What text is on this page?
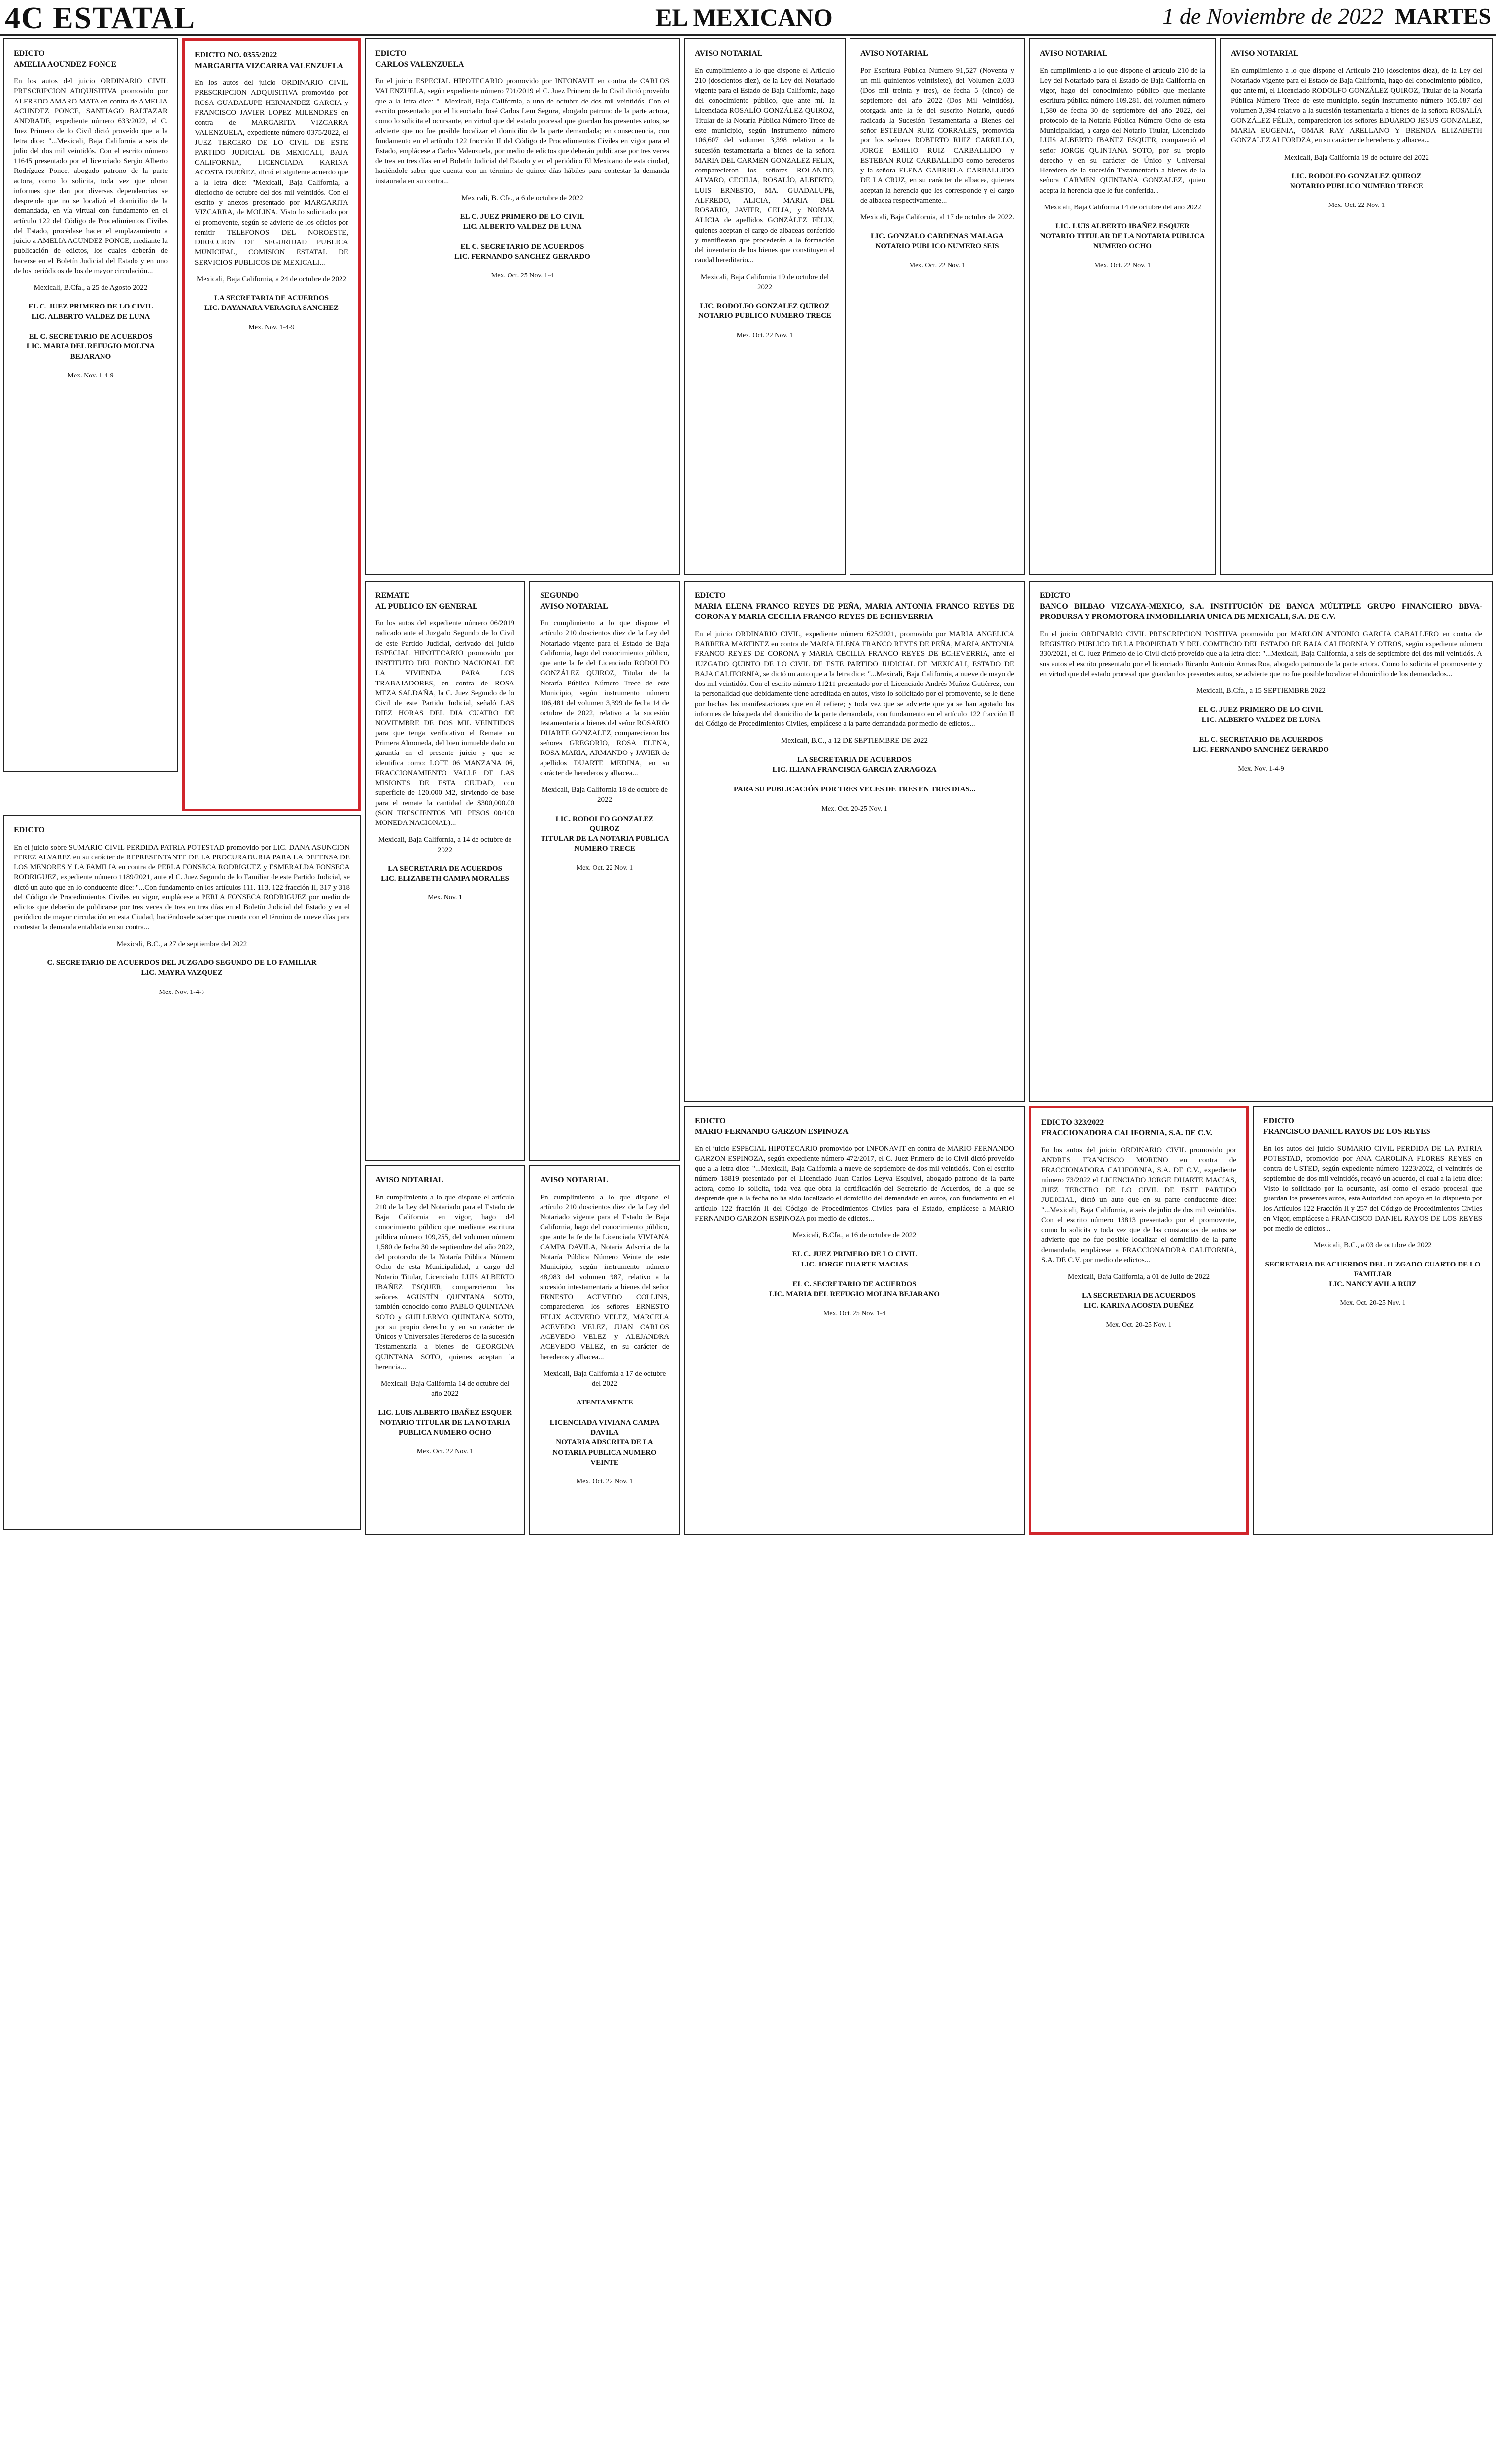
4C ESTATAL	EL MEXICANO	1 de Noviembre de 2022 MARTES
EDICTO
AMELIA AOUNDEZ FONCE
En los autos del juicio ORDINARIO CIVIL PRESCRIPCION ADQUISITIVA promovido por ALFREDO AMARO MATA en contra de AMELIA ACUNDEZ PONCE, SANTIAGO BALTAZAR ANDRADE, expediente número 633/2022, el C. Juez Primero de lo Civil dictó proveído que a la letra dice: "...Mexicali, Baja California a seis de julio del dos mil veintidós. Con el escrito número 11645 presentado por el licenciado Sergio Alberto Rodríguez Ponce, abogado patrono de la parte actora, como lo solicita, toda vez que obran informes que dan por diversas dependencias se desprende que no se localizó el domicilio de la demandada, en vía virtual con fundamento en el artículo 122 del Código de Procedimientos Civiles del Estado, procédase hacer el emplazamiento a juicio a AMELIA ACUNDEZ PONCE, mediante la publicación de edictos, los cuales deberán de hacerse en el Boletín Judicial del Estado y en uno de los periódicos de los de mayor circulación...
Mexicali, B.Cfa., a 25 de Agosto 2022
EL C. JUEZ PRIMERO DE LO CIVIL
LIC. ALBERTO VALDEZ DE LUNA

EL C. SECRETARIO DE ACUERDOS
LIC. MARIA DEL REFUGIO MOLINA BEJARANO
Mex. Nov. 1-4-9
EDICTO NO. 0355/2022
MARGARITA VIZCARRA VALENZUELA
En los autos del juicio ORDINARIO CIVIL PRESCRIPCION ADQUISITIVA promovido por ROSA GUADALUPE HERNANDEZ GARCIA y FRANCISCO JAVIER LOPEZ MILENDRES en contra de MARGARITA VIZCARRA VALENZUELA, expediente número 0375/2022, el JUEZ TERCERO DE LO CIVIL DE ESTE PARTIDO JUDICIAL DE MEXICALI, BAJA CALIFORNIA, LICENCIADA KARINA ACOSTA DUEÑEZ, dictó el siguiente acuerdo que a la letra dice: "Mexicali, Baja California, a dieciocho de octubre del dos mil veintidós. Con el escrito y anexos presentado por MARGARITA VIZCARRA, de MOLINA. Visto lo solicitado por el promovente, según se advierte de los oficios por remitir TELEFONOS DEL NOROESTE, DIRECCION DE SEGURIDAD PUBLICA MUNICIPAL, COMISION ESTATAL DE SERVICIOS PUBLICOS DE MEXICALI...
Mexicali, Baja California, a 24 de octubre de 2022
LA SECRETARIA DE ACUERDOS
LIC. DAYANARA VERAGRA SANCHEZ
Mex. Nov. 1-4-9
EDICTO
CARLOS VALENZUELA
En el juicio ESPECIAL HIPOTECARIO promovido por INFONAVIT en contra de CARLOS VALENZUELA, según expediente número 701/2019 el C. Juez Primero de lo Civil dictó proveído que a la letra dice: "...Mexicali, Baja California, a uno de octubre de dos mil veintidós. Con el escrito presentado por el licenciado José Carlos Lem Segura, abogado patrono de la parte actora, como lo solicita el ocursante, en virtud que del estado procesal que guardan los presentes autos, se advierte que no fue posible localizar el domicilio de la parte demandada; en consecuencia, con fundamento en el artículo 122 fracción II del Código de Procedimientos Civiles en vigor para el Estado, emplácese a Carlos Valenzuela, por medio de edictos que deberán publicarse por tres veces de tres en tres días en el Boletín Judicial del Estado y en el periódico El Mexicano de esta ciudad, haciéndole saber que cuenta con un término de quince días hábiles para contestar la demanda instaurada en su contra...
Mexicali, B. Cfa., a 6 de octubre de 2022
EL C. JUEZ PRIMERO DE LO CIVIL
LIC. ALBERTO VALDEZ DE LUNA

EL C. SECRETARIO DE ACUERDOS
LIC. FERNANDO SANCHEZ GERARDO
Mex. Oct. 25 Nov. 1-4
AVISO NOTARIAL
En cumplimiento a lo que dispone el Artículo 210 (doscientos diez), de la Ley del Notariado vigente para el Estado de Baja California, hago del conocimiento público, que ante mí, la Licenciada ROSALÍO GONZÁLEZ QUIROZ, Titular de la Notaría Pública Número Trece de este municipio, según instrumento número 106,607 del volumen 3,398 relativo a la sucesión testamentaria a bienes de la señora MARIA DEL CARMEN GONZALEZ FELIX, comparecieron los señores ROLANDO, ALVARO, CECILIA, ROSALÍO, ALBERTO, LUIS ERNESTO, MA. GUADALUPE, ALFREDO, ALICIA, MARIA DEL ROSARIO, JAVIER, CELIA, y NORMA ALICIA de apellidos GONZÁLEZ FÉLIX, quienes aceptan el cargo de albaceas conferido y manifiestan que procederán a la formación del inventario de los bienes que constituyen el caudal hereditario...
Mexicali, Baja California 19 de octubre del 2022
LIC. RODOLFO GONZALEZ QUIROZ
NOTARIO PUBLICO NUMERO TRECE
Mex. Oct. 22 Nov. 1
AVISO NOTARIAL
Por Escritura Pública Número 91,527 (Noventa y un mil quinientos veintisiete), del Volumen 2,033 (Dos mil treinta y tres), de fecha 5 (cinco) de septiembre del año 2022 (Dos Mil Veintidós), otorgada ante la fe del suscrito Notario, quedó radicada la Sucesión Testamentaria a Bienes del señor ESTEBAN RUIZ CORRALES, promovida por los señores ROBERTO RUIZ CARRILLO, JORGE EMILIO RUIZ CARBALLIDO y ESTEBAN RUIZ CARBALLIDO como herederos y la señora ELENA GABRIELA CARBALLIDO DE LA CRUZ, en su carácter de albacea, quienes aceptan la herencia que les corresponde y el cargo de albacea respectivamente...
Mexicali, Baja California, al 17 de octubre de 2022.
LIC. GONZALO CARDENAS MALAGA
NOTARIO PUBLICO NUMERO SEIS
Mex. Oct. 22 Nov. 1
AVISO NOTARIAL
En cumplimiento a lo que dispone el artículo 210 de la Ley del Notariado para el Estado de Baja California en vigor, hago del conocimiento público que mediante escritura pública número 109,281, del volumen número 1,580 de fecha 30 de septiembre del año 2022, del protocolo de la Notaría Pública Número Ocho de esta Municipalidad, a cargo del Notario Titular, Licenciado LUIS ALBERTO IBAÑEZ ESQUER, compareció el señor JORGE QUINTANA SOTO, por su propio derecho y en su carácter de Único y Universal Heredero de la sucesión Testamentaria a bienes de la señora CARMEN QUINTANA GONZALEZ, quien acepta la herencia que le fue conferida...
Mexicali, Baja California 14 de octubre del año 2022
LIC. LUIS ALBERTO IBAÑEZ ESQUER
NOTARIO TITULAR DE LA NOTARIA PUBLICA NUMERO OCHO
Mex. Oct. 22 Nov. 1
AVISO NOTARIAL
En cumplimiento a lo que dispone el Artículo 210 (doscientos diez), de la Ley del Notariado vigente para el Estado de Baja California, hago del conocimiento público, que ante mí, el Licenciado RODOLFO GONZÁLEZ QUIROZ, Titular de la Notaría Pública Número Trece de este municipio, según instrumento número 105,687 del volumen 3,394 relativo a la sucesión testamentaria a bienes de la señora ROSALÍA GONZÁLEZ FÉLIX, comparecieron los señores EDUARDO JESUS GONZALEZ, MARIA EUGENIA, OMAR RAY ARELLANO Y BRENDA ELIZABETH GONZALEZ ALFORDZA, en su carácter de herederos y albacea...
Mexicali, Baja California 19 de octubre del 2022
LIC. RODOLFO GONZALEZ QUIROZ
NOTARIO PUBLICO NUMERO TRECE
Mex. Oct. 22 Nov. 1
REMATE
AL PUBLICO EN GENERAL
En los autos del expediente número 06/2019 radicado ante el Juzgado Segundo de lo Civil de este Partido Judicial, derivado del juicio ESPECIAL HIPOTECARIO promovido por INSTITUTO DEL FONDO NACIONAL DE LA VIVIENDA PARA LOS TRABAJADORES, en contra de ROSA MEZA SALDAÑA, la C. Juez Segundo de lo Civil de este Partido Judicial, señaló LAS DIEZ HORAS DEL DIA CUATRO DE NOVIEMBRE DE DOS MIL VEINTIDOS para que tenga verificativo el Remate en Primera Almoneda, del bien inmueble dado en garantía en el presente juicio y que se identifica como: LOTE 06 MANZANA 06, FRACCIONAMIENTO VALLE DE LAS MISIONES DE ESTA CIUDAD, con superficie de 120.000 M2, sirviendo de base para el remate la cantidad de $300,000.00 (SON TRESCIENTOS MIL PESOS 00/100 MONEDA NACIONAL)...
Mexicali, Baja California, a 14 de octubre de 2022
LA SECRETARIA DE ACUERDOS
LIC. ELIZABETH CAMPA MORALES
Mex. Nov. 1
SEGUNDO
AVISO NOTARIAL
En cumplimiento a lo que dispone el artículo 210 doscientos diez de la Ley del Notariado vigente para el Estado de Baja California, hago del conocimiento público, que ante la fe del Licenciado RODOLFO GONZÁLEZ QUIROZ, Titular de la Notaría Pública Número Trece de este Municipio, según instrumento número 106,481 del volumen 3,399 de fecha 14 de octubre de 2022, relativo a la sucesión testamentaria a bienes del señor ROSARIO DUARTE GONZALEZ, comparecieron los señores GREGORIO, ROSA ELENA, ROSA MARIA, ARMANDO y JAVIER de apellidos DUARTE MEDINA, en su carácter de herederos y albacea...
Mexicali, Baja California 18 de octubre de 2022
LIC. RODOLFO GONZALEZ QUIROZ
TITULAR DE LA NOTARIA PUBLICA NUMERO TRECE
Mex. Oct. 22 Nov. 1
EDICTO
MARIA ELENA FRANCO REYES DE PEÑA, MARIA ANTONIA FRANCO REYES DE CORONA Y MARIA CECILIA FRANCO REYES DE ECHEVERRIA
En el juicio ORDINARIO CIVIL, expediente número 625/2021, promovido por MARIA ANGELICA BARRERA MARTINEZ en contra de MARIA ELENA FRANCO REYES DE PEÑA, MARIA ANTONIA FRANCO REYES DE CORONA y MARIA CECILIA FRANCO REYES DE ECHEVERRIA, ante el JUZGADO QUINTO DE LO CIVIL DE ESTE PARTIDO JUDICIAL DE MEXICALI, ESTADO DE BAJA CALIFORNIA, se dictó un auto que a la letra dice: "...Mexicali, Baja California, a nueve de mayo de dos mil veintidós. Con el escrito número 11211 presentado por el Licenciado Andrés Muñoz Gutiérrez, con la personalidad que debidamente tiene acreditada en autos, visto lo solicitado por el promovente, se le tiene por hechas las manifestaciones que en él refiere; y toda vez que se advierte que ya se han agotado los informes de búsqueda del domicilio de la parte demandada, con fundamento en el artículo 122 fracción II del Código de Procedimientos Civiles, emplácese a la parte demandada por medio de edictos...
Mexicali, B.C., a 12 DE SEPTIEMBRE DE 2022
LA SECRETARIA DE ACUERDOS
LIC. ILIANA FRANCISCA GARCIA ZARAGOZA

PARA SU PUBLICACIÓN POR TRES VECES DE TRES EN TRES DIAS...
Mex. Oct. 20-25 Nov. 1
EDICTO
BANCO BILBAO VIZCAYA-MEXICO, S.A. INSTITUCIÓN DE BANCA MÚLTIPLE GRUPO FINANCIERO BBVA-PROBURSA Y PROMOTORA INMOBILIARIA UNICA DE MEXICALI, S.A. DE C.V.
En el juicio ORDINARIO CIVIL PRESCRIPCION POSITIVA promovido por MARLON ANTONIO GARCIA CABALLERO en contra de REGISTRO PUBLICO DE LA PROPIEDAD Y DEL COMERCIO DEL ESTADO DE BAJA CALIFORNIA Y OTROS, según expediente número 330/2021, el C. Juez Primero de lo Civil dictó proveído que a la letra dice: "...Mexicali, Baja California, a seis de septiembre del dos mil veintidós. A sus autos el escrito presentado por el licenciado Ricardo Antonio Armas Roa, abogado patrono de la parte actora. Como lo solicita el promovente y en virtud que del estado procesal que guardan los presentes autos, se advierte que no fue posible localizar el domicilio de los demandados...
Mexicali, B.Cfa., a 15 SEPTIEMBRE 2022
EL C. JUEZ PRIMERO DE LO CIVIL
LIC. ALBERTO VALDEZ DE LUNA

EL C. SECRETARIO DE ACUERDOS
LIC. FERNANDO SANCHEZ GERARDO
Mex. Nov. 1-4-9
EDICTO
En el juicio sobre SUMARIO CIVIL PERDIDA PATRIA POTESTAD promovido por LIC. DANA ASUNCION PEREZ ALVAREZ en su carácter de REPRESENTANTE DE LA PROCURADURIA PARA LA DEFENSA DE LOS MENORES Y LA FAMILIA en contra de PERLA FONSECA RODRIGUEZ y ESMERALDA FONSECA RODRIGUEZ, expediente número 1189/2021, ante el C. Juez Segundo de lo Familiar de este Partido Judicial, se dictó un auto que en lo conducente dice: "...Con fundamento en los artículos 111, 113, 122 fracción II, 317 y 318 del Código de Procedimientos Civiles en vigor, emplácese a PERLA FONSECA RODRIGUEZ por medio de edictos que deberán de publicarse por tres veces de tres en tres días en el Boletín Judicial del Estado y en el periódico de mayor circulación en esta Ciudad, haciéndosele saber que cuenta con el término de nueve días para contestar la demanda entablada en su contra...
Mexicali, B.C., a 27 de septiembre del 2022
C. SECRETARIO DE ACUERDOS DEL JUZGADO SEGUNDO DE LO FAMILIAR
LIC. MAYRA VAZQUEZ
Mex. Nov. 1-4-7
AVISO NOTARIAL
En cumplimiento a lo que dispone el artículo 210 de la Ley del Notariado para el Estado de Baja California en vigor, hago del conocimiento público que mediante escritura pública número 109,255, del volumen número 1,580 de fecha 30 de septiembre del año 2022, del protocolo de la Notaría Pública Número Ocho de esta Municipalidad, a cargo del Notario Titular, Licenciado LUIS ALBERTO IBAÑEZ ESQUER, comparecieron los señores AGUSTÍN QUINTANA SOTO, también conocido como PABLO QUINTANA SOTO y GUILLERMO QUINTANA SOTO, por su propio derecho y en su carácter de Únicos y Universales Herederos de la sucesión Testamentaria a bienes de GEORGINA QUINTANA SOTO, quienes aceptan la herencia...
Mexicali, Baja California 14 de octubre del año 2022
LIC. LUIS ALBERTO IBAÑEZ ESQUER
NOTARIO TITULAR DE LA NOTARIA PUBLICA NUMERO OCHO
Mex. Oct. 22 Nov. 1
AVISO NOTARIAL
En cumplimiento a lo que dispone el artículo 210 doscientos diez de la Ley del Notariado vigente para el Estado de Baja California, hago del conocimiento público, que ante la fe de la Licenciada VIVIANA CAMPA DAVILA, Notaria Adscrita de la Notaría Pública Número Veinte de este Municipio, según instrumento número 48,983 del volumen 987, relativo a la sucesión intestamentaria a bienes del señor ERNESTO ACEVEDO COLLINS, comparecieron los señores ERNESTO FELIX ACEVEDO VELEZ, MARCELA ACEVEDO VELEZ, JUAN CARLOS ACEVEDO VELEZ y ALEJANDRA ACEVEDO VELEZ, en su carácter de herederos y albacea...
Mexicali, Baja California a 17 de octubre del 2022
ATENTAMENTE

LICENCIADA VIVIANA CAMPA DAVILA
NOTARIA ADSCRITA DE LA NOTARIA PUBLICA NUMERO VEINTE
Mex. Oct. 22 Nov. 1
EDICTO
MARIO FERNANDO GARZON ESPINOZA
En el juicio ESPECIAL HIPOTECARIO promovido por INFONAVIT en contra de MARIO FERNANDO GARZON ESPINOZA, según expediente número 472/2017, el C. Juez Primero de lo Civil dictó proveído que a la letra dice: "...Mexicali, Baja California a nueve de septiembre de dos mil veintidós. Con el escrito número 18819 presentado por el Licenciado Juan Carlos Leyva Esquivel, abogado patrono de la parte actora, como lo solicita, toda vez que obra la certificación del Secretario de Acuerdos, de la que se desprende que a la fecha no ha sido localizado el domicilio del demandado en autos, con fundamento en el artículo 122 fracción II del Código de Procedimientos Civiles para el Estado, emplácese a MARIO FERNANDO GARZON ESPINOZA por medio de edictos...
Mexicali, B.Cfa., a 16 de octubre de 2022
EL C. JUEZ PRIMERO DE LO CIVIL
LIC. JORGE DUARTE MACIAS

EL C. SECRETARIO DE ACUERDOS
LIC. MARIA DEL REFUGIO MOLINA BEJARANO
Mex. Oct. 25 Nov. 1-4
EDICTO 323/2022
FRACCIONADORA CALIFORNIA, S.A. DE C.V.
En los autos del juicio ORDINARIO CIVIL promovido por ANDRES FRANCISCO MORENO en contra de FRACCIONADORA CALIFORNIA, S.A. DE C.V., expediente número 73/2022 el LICENCIADO JORGE DUARTE MACIAS, JUEZ TERCERO DE LO CIVIL DE ESTE PARTIDO JUDICIAL, dictó un auto que en su parte conducente dice: "...Mexicali, Baja California, a seis de julio de dos mil veintidós. Con el escrito número 13813 presentado por el promovente, como lo solicita y toda vez que de las constancias de autos se advierte que no fue posible localizar el domicilio de la parte demandada, emplácese a FRACCIONADORA CALIFORNIA, S.A. DE C.V. por medio de edictos...
Mexicali, Baja California, a 01 de Julio de 2022
LA SECRETARIA DE ACUERDOS
LIC. KARINA ACOSTA DUEÑEZ
Mex. Oct. 20-25 Nov. 1
EDICTO
FRANCISCO DANIEL RAYOS DE LOS REYES
En los autos del juicio SUMARIO CIVIL PERDIDA DE LA PATRIA POTESTAD, promovido por ANA CAROLINA FLORES REYES en contra de USTED, según expediente número 1223/2022, el veintitrés de septiembre de dos mil veintidós, recayó un acuerdo, el cual a la letra dice: Visto lo solicitado por la ocursante, así como el estado procesal que guardan los presentes autos, esta Autoridad con apoyo en lo dispuesto por los Artículos 122 Fracción II y 257 del Código de Procedimientos Civiles en Vigor, emplácese a FRANCISCO DANIEL RAYOS DE LOS REYES por medio de edictos...
Mexicali, B.C., a 03 de octubre de 2022
SECRETARIA DE ACUERDOS DEL JUZGADO CUARTO DE LO FAMILIAR
LIC. NANCY AVILA RUIZ
Mex. Oct. 20-25 Nov. 1
